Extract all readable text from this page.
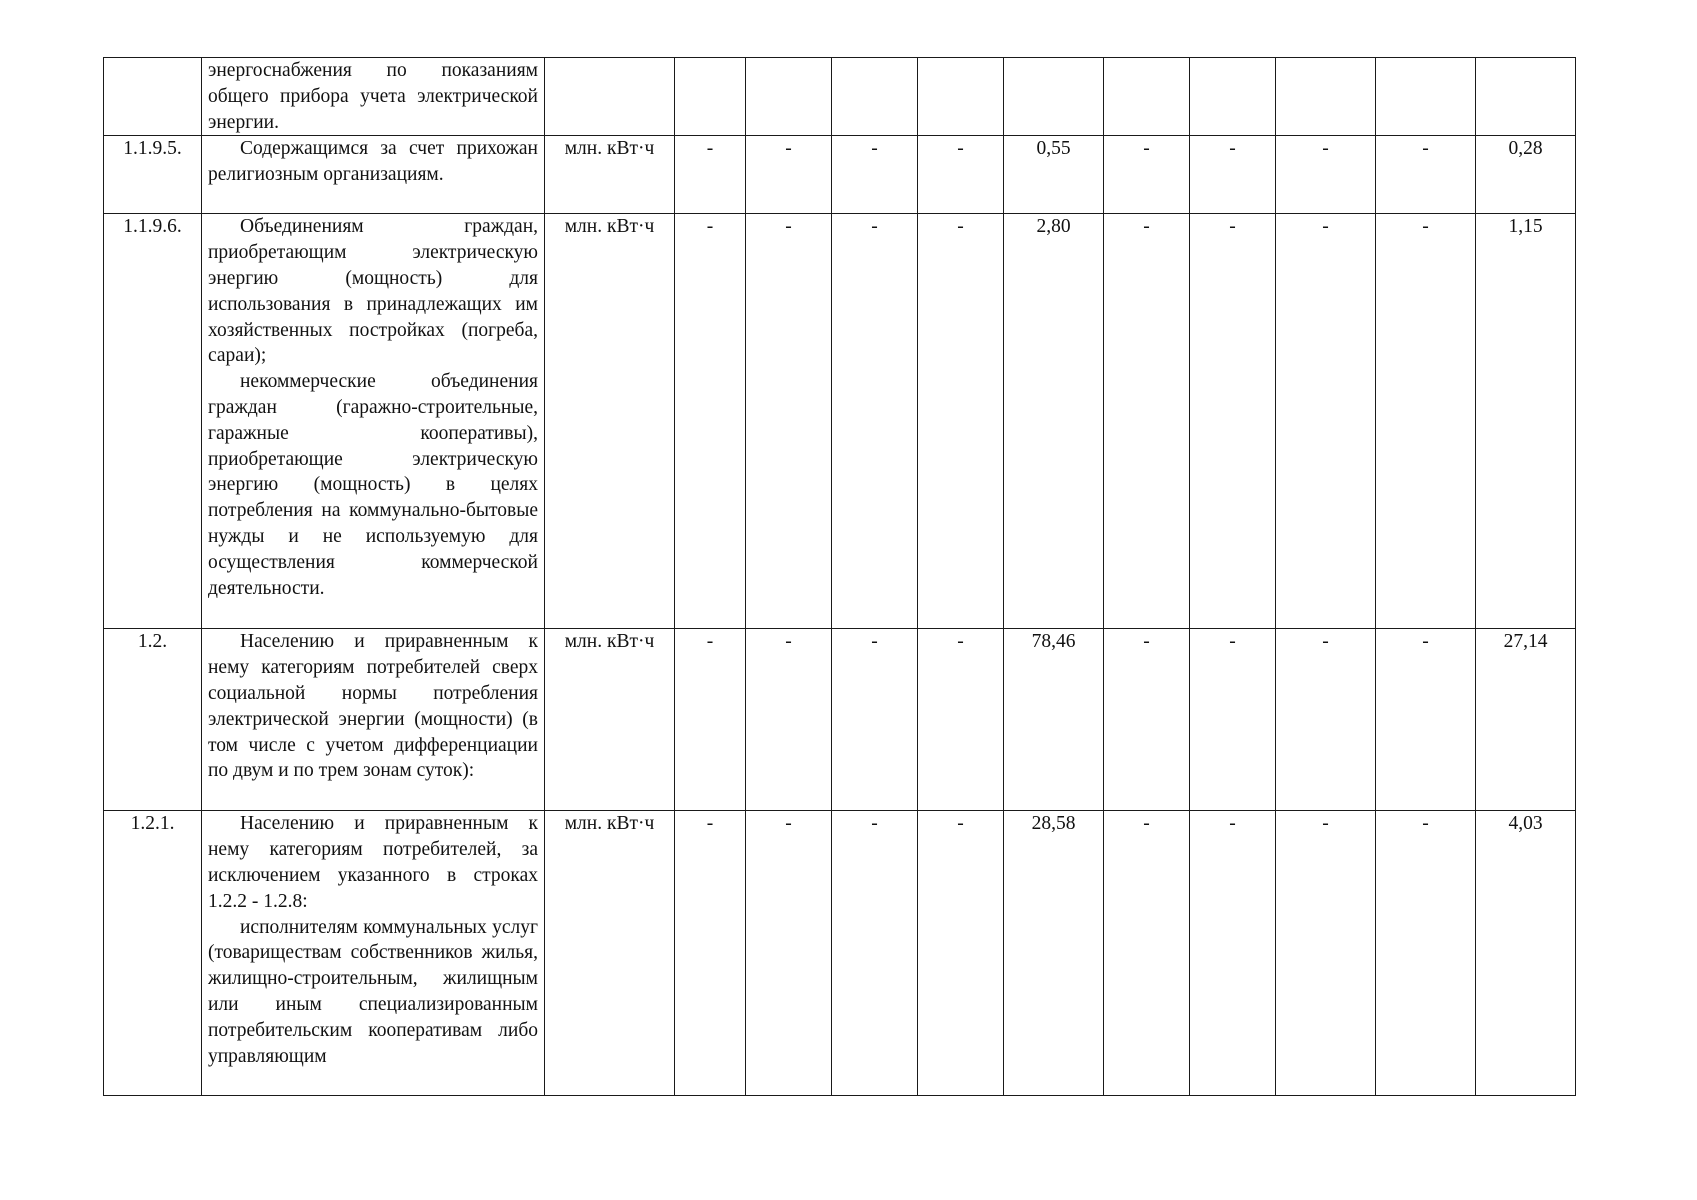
	энергоснабжения по показаниям общего прибора учета электрической энергии.											

1.1.9.5.	Содержащимся за счет прихожан религиозным организациям.	млн. кВт·ч	-	-	-	-	0,55	-	-	-	-	0,28
1.1.9.6.	Объединениям граждан, приобретающим электрическую энергию (мощность) для использования в принадлежащих им хозяйственных постройках (погреба, сараи);
некоммерческие объединения граждан (гаражно-строительные, гаражные кооперативы), приобретающие электрическую энергию (мощность) в целях потребления на коммунально-бытовые нужды и не используемую для осуществления коммерческой деятельности.	млн. кВт·ч	-	-	-	-	2,80	-	-	-	-	1,15
1.2.	Населению и приравненным к нему категориям потребителей сверх социальной нормы потребления электрической энергии (мощности) (в том числе с учетом дифференциации по двум и по трем зонам суток):	млн. кВт·ч	-	-	-	-	78,46	-	-	-	-	27,14
1.2.1.	Населению и приравненным к нему категориям потребителей, за исключением указанного в строках 1.2.2 - 1.2.8:
исполнителям коммунальных услуг (товариществам собственников жилья, жилищно-строительным, жилищным или иным специализированным потребительским кооперативам либо управляющим	млн. кВт·ч	-	-	-	-	28,58	-	-	-	-	4,03
